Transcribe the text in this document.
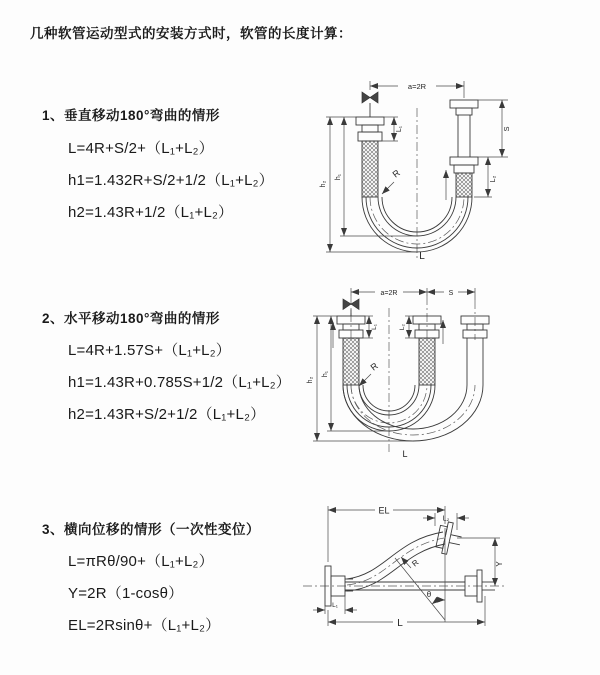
几种软管运动型式的安装方式时，软管的长度计算：
1、垂直移动180°弯曲的情形
L=4R+S/2+（L₁+L₂）
h1=1.432R+S/2+1/2（L₁+L₂）
h2=1.43R+1/2（L₁+L₂）
2、水平移动180°弯曲的情形
L=4R+1.57S+（L₁+L₂）
h1=1.43R+0.785S+1/2（L₁+L₂）
h2=1.43R+S/2+1/2（L₁+L₂）
3、横向位移的情形（一次性变位）
L=πRθ/90+（L₁+L₂）
Y=2R（1-cosθ）
EL=2Rsinθ+（L₁+L₂）
R
a=2R
S
L₂
L₁
h₁
h₂
L
R
a=2R	S
L₁	L₂
h₁
h₂
L
θ
R
EL
L₂
Y
L
L₁
